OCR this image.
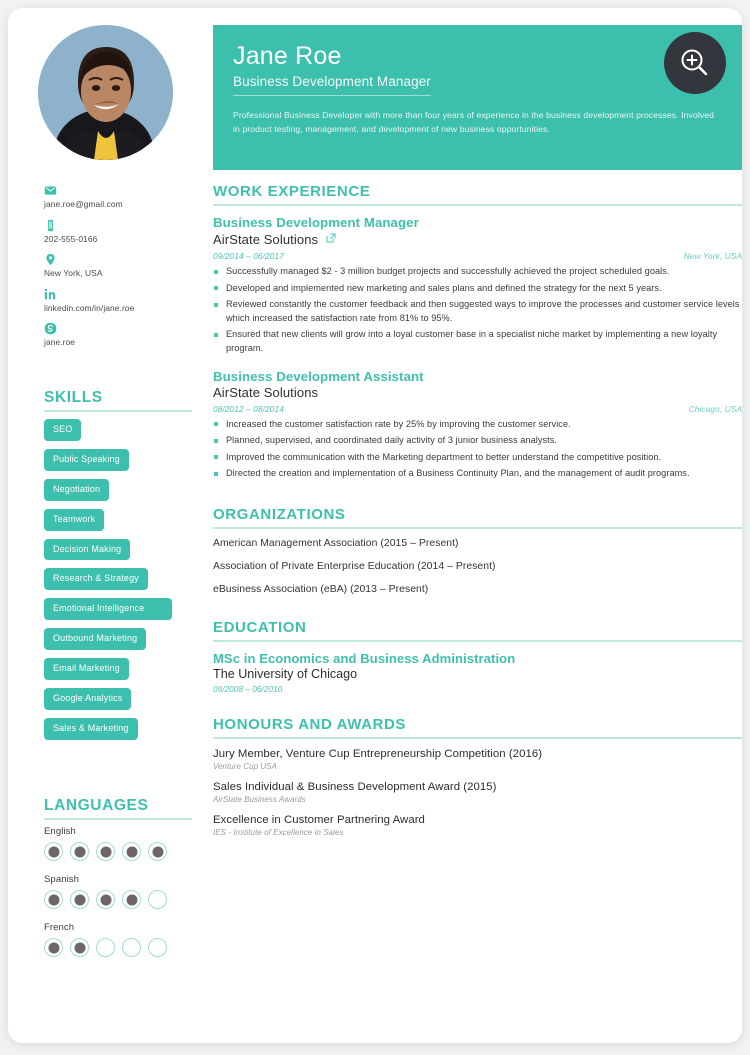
jane.roe@gmail.com
202-555-0166
New York, USA
linkedin.com/in/jane.roe
jane.roe
SKILLS
SEO
Public Speaking
Negotiation
Teamwork
Decision Making
Research & Strategy
Emotional Intelligence
Outbound Marketing
Email Marketing
Google Analytics
Sales & Marketing
LANGUAGES
English
Spanish
French
Jane Roe
Business Development Manager
Professional Business Developer with more than four years of experience in the business development processes. Involved in product testing, management, and development of new business opportunities.
WORK EXPERIENCE
Business Development Manager
AirState Solutions
09/2014 – 06/2017	New York, USA
Successfully managed $2 - 3 million budget projects and successfully achieved the project scheduled goals.
Developed and implemented new marketing and sales plans and defined the strategy for the next 5 years.
Reviewed constantly the customer feedback and then suggested ways to improve the processes and customer service levels which increased the satisfaction rate from 81% to 95%.
Ensured that new clients will grow into a loyal customer base in a specialist niche market by implementing a new loyalty program.
Business Development Assistant
AirState Solutions
08/2012 – 08/2014	Chicago, USA
Increased the customer satisfaction rate by 25% by improving the customer service.
Planned, supervised, and coordinated daily activity of 3 junior business analysts.
Improved the communication with the Marketing department to better understand the competitive position.
Directed the creation and implementation of a Business Continuity Plan, and the management of audit programs.
ORGANIZATIONS
American Management Association (2015 – Present)
Association of Private Enterprise Education (2014 – Present)
eBusiness Association (eBA) (2013 – Present)
EDUCATION
MSc in Economics and Business Administration
The University of Chicago
09/2008 – 06/2010
HONOURS AND AWARDS
Jury Member, Venture Cup Entrepreneurship Competition (2016)
Venture Cup USA
Sales Individual & Business Development Award (2015)
AirState Business Awards
Excellence in Customer Partnering Award
IES - Institute of Excellence in Sales
